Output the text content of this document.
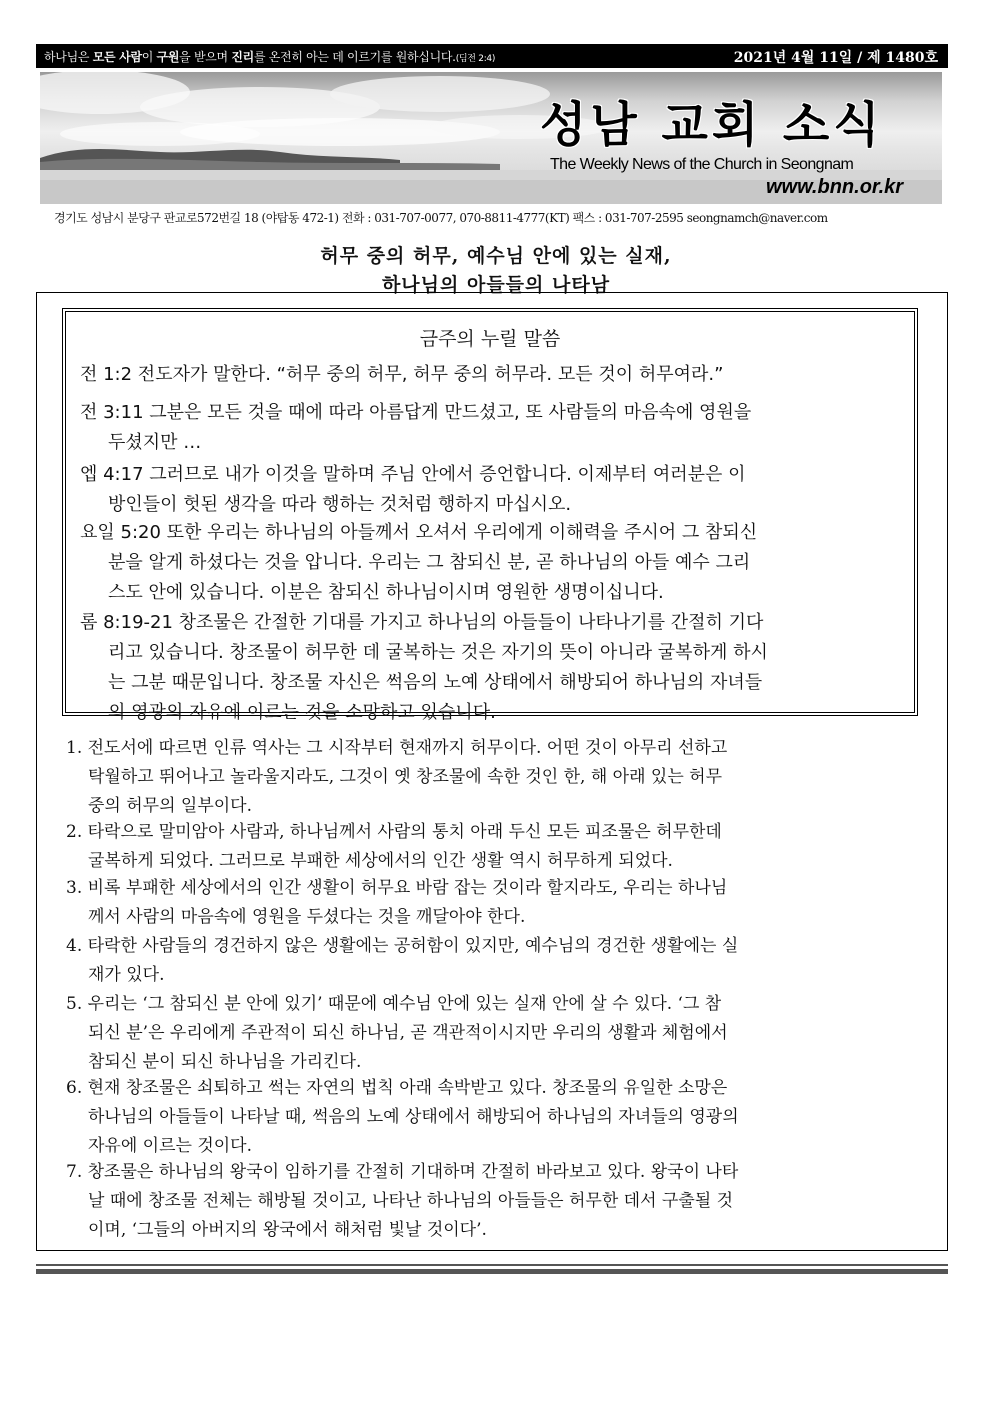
하나님은 모든 사람이 구원을 받으며 진리를 온전히 아는 데 이르기를 원하십니다.(딤전 2:4)	2021년 4월 11일 / 제 1480호
성남 교회 소식
The Weekly News of the Church in Seongnam
www.bnn.or.kr
경기도 성남시 분당구 판교로572번길 18 (야탑동 472-1) 전화 : 031-707-0077, 070-8811-4777(KT) 팩스 : 031-707-2595 seongnamch@naver.com
허무 중의 허무, 예수님 안에 있는 실재,
하나님의 아들들의 나타남
금주의 누릴 말씀
전 1:2 전도자가 말한다. “허무 중의 허무, 허무 중의 허무라. 모든 것이 허무여라.”
전 3:11 그분은 모든 것을 때에 따라 아름답게 만드셨고, 또 사람들의 마음속에 영원을
두셨지만 …
엡 4:17 그러므로 내가 이것을 말하며 주님 안에서 증언합니다. 이제부터 여러분은 이
방인들이 헛된 생각을 따라 행하는 것처럼 행하지 마십시오.
요일 5:20 또한 우리는 하나님의 아들께서 오셔서 우리에게 이해력을 주시어 그 참되신
분을 알게 하셨다는 것을 압니다. 우리는 그 참되신 분, 곧 하나님의 아들 예수 그리
스도 안에 있습니다. 이분은 참되신 하나님이시며 영원한 생명이십니다.
롬 8:19-21 창조물은 간절한 기대를 가지고 하나님의 아들들이 나타나기를 간절히 기다
리고 있습니다. 창조물이 허무한 데 굴복하는 것은 자기의 뜻이 아니라 굴복하게 하시
는 그분 때문입니다. 창조물 자신은 썩음의 노예 상태에서 해방되어 하나님의 자녀들
의 영광의 자유에 이르는 것을 소망하고 있습니다.
1. 전도서에 따르면 인류 역사는 그 시작부터 현재까지 허무이다. 어떤 것이 아무리 선하고
탁월하고 뛰어나고 놀라울지라도, 그것이 옛 창조물에 속한 것인 한, 해 아래 있는 허무
중의 허무의 일부이다.
2. 타락으로 말미암아 사람과, 하나님께서 사람의 통치 아래 두신 모든 피조물은 허무한데
굴복하게 되었다. 그러므로 부패한 세상에서의 인간 생활 역시 허무하게 되었다.
3. 비록 부패한 세상에서의 인간 생활이 허무요 바람 잡는 것이라 할지라도, 우리는 하나님
께서 사람의 마음속에 영원을 두셨다는 것을 깨달아야 한다.
4. 타락한 사람들의 경건하지 않은 생활에는 공허함이 있지만, 예수님의 경건한 생활에는 실
재가 있다.
5. 우리는 ‘그 참되신 분 안에 있기’ 때문에 예수님 안에 있는 실재 안에 살 수 있다. ‘그 참
되신 분’은 우리에게 주관적이 되신 하나님, 곧 객관적이시지만 우리의 생활과 체험에서
참되신 분이 되신 하나님을 가리킨다.
6. 현재 창조물은 쇠퇴하고 썩는 자연의 법칙 아래 속박받고 있다. 창조물의 유일한 소망은
하나님의 아들들이 나타날 때, 썩음의 노예 상태에서 해방되어 하나님의 자녀들의 영광의
자유에 이르는 것이다.
7. 창조물은 하나님의 왕국이 임하기를 간절히 기대하며 간절히 바라보고 있다. 왕국이 나타
날 때에 창조물 전체는 해방될 것이고, 나타난 하나님의 아들들은 허무한 데서 구출될 것
이며, ‘그들의 아버지의 왕국에서 해처럼 빛날 것이다’.
